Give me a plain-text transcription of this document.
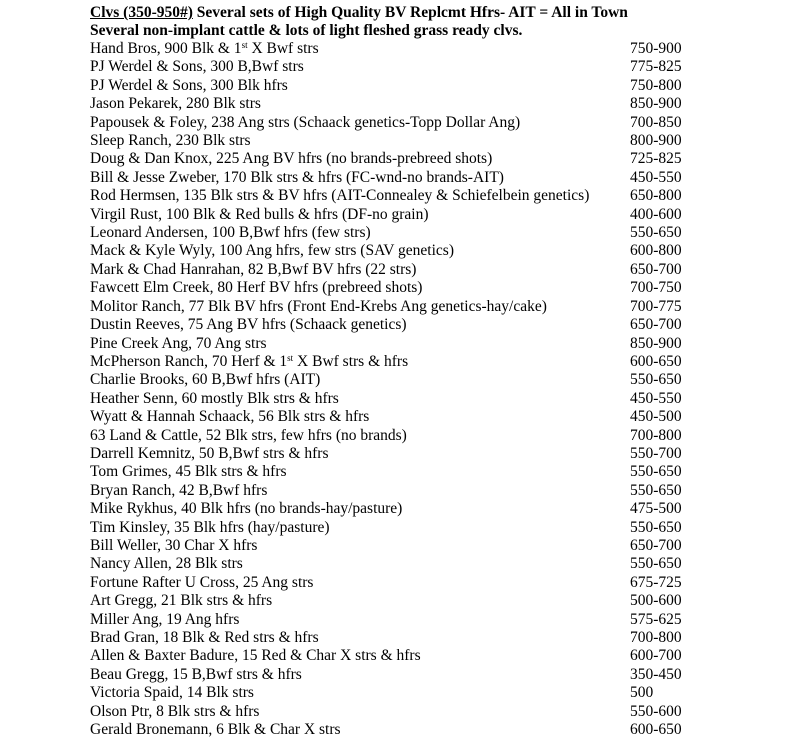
Clvs (350-950#) Several sets of High Quality BV Replcmt Hfrs- AIT = All in Town
Several non-implant cattle & lots of light fleshed grass ready clvs.
Hand Bros, 900 Blk & 1st X Bwf strs	750-900
PJ Werdel & Sons, 300 B,Bwf strs	775-825
PJ Werdel & Sons, 300 Blk hfrs	750-800
Jason Pekarek, 280 Blk strs	850-900
Papousek & Foley, 238 Ang strs (Schaack genetics-Topp Dollar Ang)	700-850
Sleep Ranch, 230 Blk strs	800-900
Doug & Dan Knox, 225 Ang BV hfrs (no brands-prebreed shots)	725-825
Bill & Jesse Zweber, 170 Blk strs & hfrs (FC-wnd-no brands-AIT)	450-550
Rod Hermsen, 135 Blk strs & BV hfrs (AIT-Connealey & Schiefelbein genetics)	650-800
Virgil Rust, 100 Blk & Red bulls & hfrs (DF-no grain)	400-600
Leonard Andersen, 100 B,Bwf hfrs (few strs)	550-650
Mack & Kyle Wyly, 100 Ang hfrs, few strs (SAV genetics)	600-800
Mark & Chad Hanrahan, 82 B,Bwf BV hfrs (22 strs)	650-700
Fawcett Elm Creek, 80 Herf BV hfrs (prebreed shots)	700-750
Molitor Ranch, 77 Blk BV hfrs (Front End-Krebs Ang genetics-hay/cake)	700-775
Dustin Reeves, 75 Ang BV hfrs (Schaack genetics)	650-700
Pine Creek Ang, 70 Ang strs	850-900
McPherson Ranch, 70 Herf & 1st X Bwf strs & hfrs	600-650
Charlie Brooks, 60 B,Bwf hfrs (AIT)	550-650
Heather Senn, 60 mostly Blk strs & hfrs	450-550
Wyatt & Hannah Schaack, 56 Blk strs & hfrs	450-500
63 Land & Cattle, 52 Blk strs, few hfrs (no brands)	700-800
Darrell Kemnitz, 50 B,Bwf strs & hfrs	550-700
Tom Grimes, 45 Blk strs & hfrs	550-650
Bryan Ranch, 42 B,Bwf hfrs	550-650
Mike Rykhus, 40 Blk hfrs (no brands-hay/pasture)	475-500
Tim Kinsley, 35 Blk hfrs (hay/pasture)	550-650
Bill Weller, 30 Char X hfrs	650-700
Nancy Allen, 28 Blk strs	550-650
Fortune Rafter U Cross, 25 Ang strs	675-725
Art Gregg, 21 Blk strs & hfrs	500-600
Miller Ang, 19 Ang hfrs	575-625
Brad Gran, 18 Blk & Red strs & hfrs	700-800
Allen & Baxter Badure, 15 Red & Char X strs & hfrs	600-700
Beau Gregg, 15 B,Bwf strs & hfrs	350-450
Victoria Spaid, 14 Blk strs	500
Olson Ptr, 8 Blk strs & hfrs	550-600
Gerald Bronemann, 6 Blk & Char X strs	600-650
